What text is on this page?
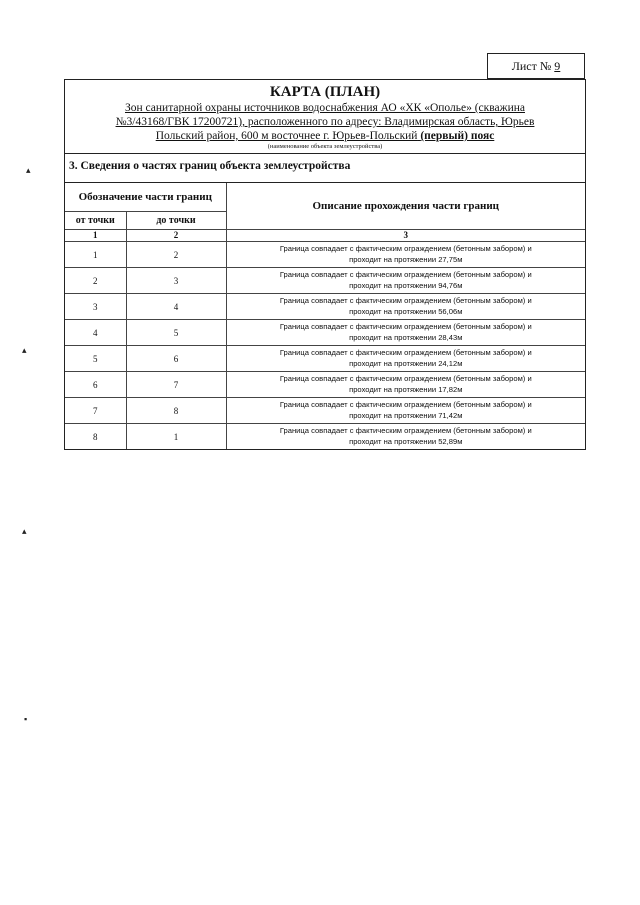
Лист № 9
КАРТА (ПЛАН)
Зон санитарной охраны источников водоснабжения АО «ХК «Ополье» (скважина
№3/43168/ГВК 17200721), расположенного по адресу: Владимирская область, Юрьев
Польский район, 600 м восточнее г. Юрьев-Польский (первый) пояс
(наименование объекта землеустройства)
3. Сведения о частях границ объекта землеустройства
Обозначение части границ		Описание прохождения части границ
от точки	до точки	
1	2	3
1	2	Граница совпадает с фактическим ограждением (бетонным забором) и
проходит на протяжении 27,75м

2	3	Граница совпадает с фактическим ограждением (бетонным забором) и
проходит на протяжении 94,76м

3	4	Граница совпадает с фактическим ограждением (бетонным забором) и
проходит на протяжении 56,06м

4	5	Граница совпадает с фактическим ограждением (бетонным забором) и
проходит на протяжении 28,43м

5	6	Граница совпадает с фактическим ограждением (бетонным забором) и
проходит на протяжении 24,12м

6	7	Граница совпадает с фактическим ограждением (бетонным забором) и
проходит на протяжении 17,82м

7	8	Граница совпадает с фактическим ограждением (бетонным забором) и
проходит на протяжении 71,42м

8	1	Граница совпадает с фактическим ограждением (бетонным забором) и
проходит на протяжении 52,89м
▴
▴
▴
▪
